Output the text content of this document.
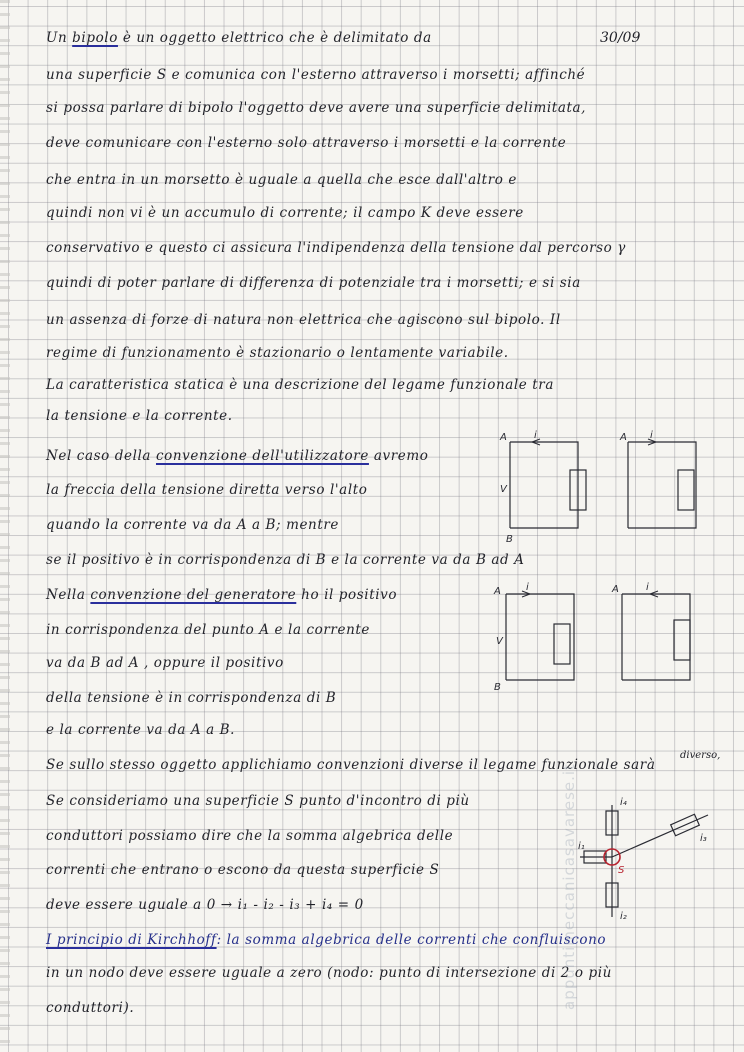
30/09
Un bipolo è un oggetto elettrico che è delimitato da
una superficie S e comunica con l'esterno attraverso i morsetti; affinché
si possa parlare di bipolo l'oggetto deve avere una superficie delimitata,
deve comunicare con l'esterno solo attraverso i morsetti e la corrente
che entra in un morsetto è uguale a quella che esce dall'altro e
quindi non vi è un accumulo di corrente; il campo K deve essere
conservativo e questo ci assicura l'indipendenza della tensione dal percorso γ
quindi di poter parlare di differenza di potenziale tra i morsetti; e si sia
un assenza di forze di natura non elettrica che agiscono sul bipolo. Il
regime di funzionamento è stazionario o lentamente variabile.
La caratteristica statica è una descrizione del legame funzionale tra
la tensione e la corrente.
Nel caso della convenzione dell'utilizzatore avremo
la freccia della tensione diretta verso l'alto
quando la corrente va da A a B; mentre
se il positivo è in corrispondenza di B e la corrente va da B ad A
Nella convenzione del generatore ho il positivo
in corrispondenza del punto A e la corrente
va da B ad A , oppure il positivo
della tensione è in corrispondenza di B
e la corrente va da A a B.
Se sullo stesso oggetto applichiamo convenzioni diverse il legame funzionale sarà
Se consideriamo una superficie S punto d'incontro di più
conduttori possiamo dire che la somma algebrica delle
correnti che entrano o escono da questa superficie S
deve essere uguale a 0 → i₁ - i₂ - i₃ + i₄ = 0
I principio di Kirchhoff: la somma algebrica delle correnti che confluiscono
in un nodo deve essere uguale a zero (nodo: punto di intersezione di 2 o più
conduttori).
diverso,
A	i
V
B
A i
A	i
V
B
A	i
i₁
i₂
i₃
i₄
S
appuntimeccanicasavarese.it
